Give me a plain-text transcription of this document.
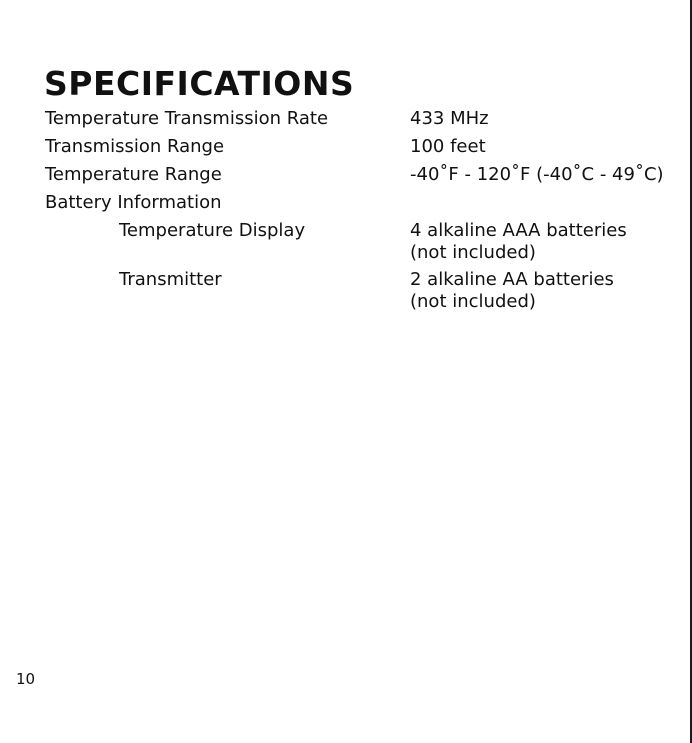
SPECIFICATIONS
Temperature Transmission Rate	433 MHz
Transmission Range	100 feet
Temperature Range	-40˚F - 120˚F (-40˚C - 49˚C)
Battery Information
Temperature Display	4 alkaline AAA batteries
(not included)
Transmitter	2 alkaline AA batteries
(not included)
10
